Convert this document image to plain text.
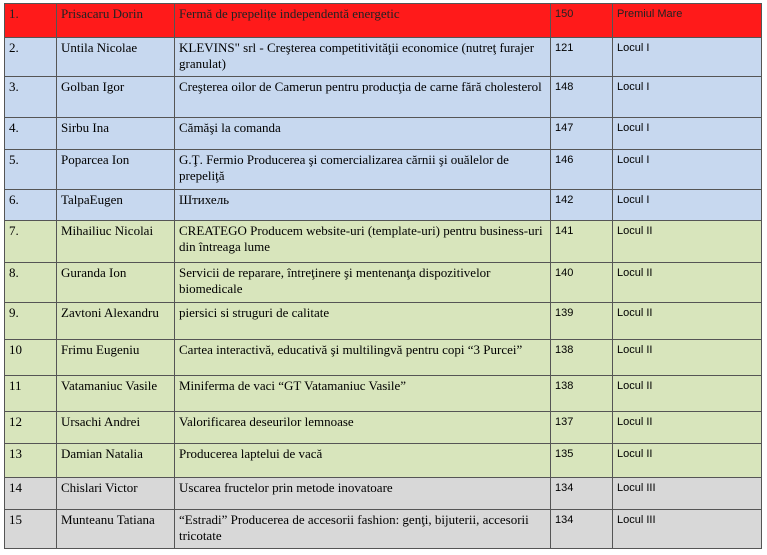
1.	Prisacaru Dorin	Fermă de prepelițe independentă energetic	150	Premiul Mare
2.	Untila Nicolae	KLEVINS" srl - Creşterea competitivităţii economice (nutreţ furajer granulat)	121	Locul I
3.	Golban Igor	Creşterea oilor de Camerun pentru producţia de carne fără cholesterol	148	Locul I
4.	Sirbu Ina	Cămăşi la comanda	147	Locul I
5.	Poparcea Ion	G.Ţ. Fermio Producerea şi comercializarea cărnii şi ouălelor de prepeliţă	146	Locul I
6.	TalpaEugen	Штихель	142	Locul I
7.	Mihailiuc Nicolai	CREATEGO Producem website-uri (template-uri) pentru business-uri din întreaga lume	141	Locul II
8.	Guranda Ion	Servicii de reparare, întreţinere şi mentenanţa dispozitivelor biomedicale	140	Locul II
9.	Zavtoni Alexandru	piersici si struguri de calitate	139	Locul II
10	Frimu Eugeniu	Cartea interactivă, educativă şi multilingvă pentru copi “3 Purcei”	138	Locul II
11	Vatamaniuc Vasile	Miniferma de vaci “GT Vatamaniuc Vasile”	138	Locul II
12	Ursachi Andrei	Valorificarea deseurilor lemnoase	137	Locul II
13	Damian Natalia	Producerea laptelui de vacă	135	Locul II
14	Chislari Victor	Uscarea fructelor prin metode inovatoare	134	Locul III
15	Munteanu Tatiana	“Estradi” Producerea de accesorii fashion: genţi, bijuterii, accesorii tricotate	134	Locul III
